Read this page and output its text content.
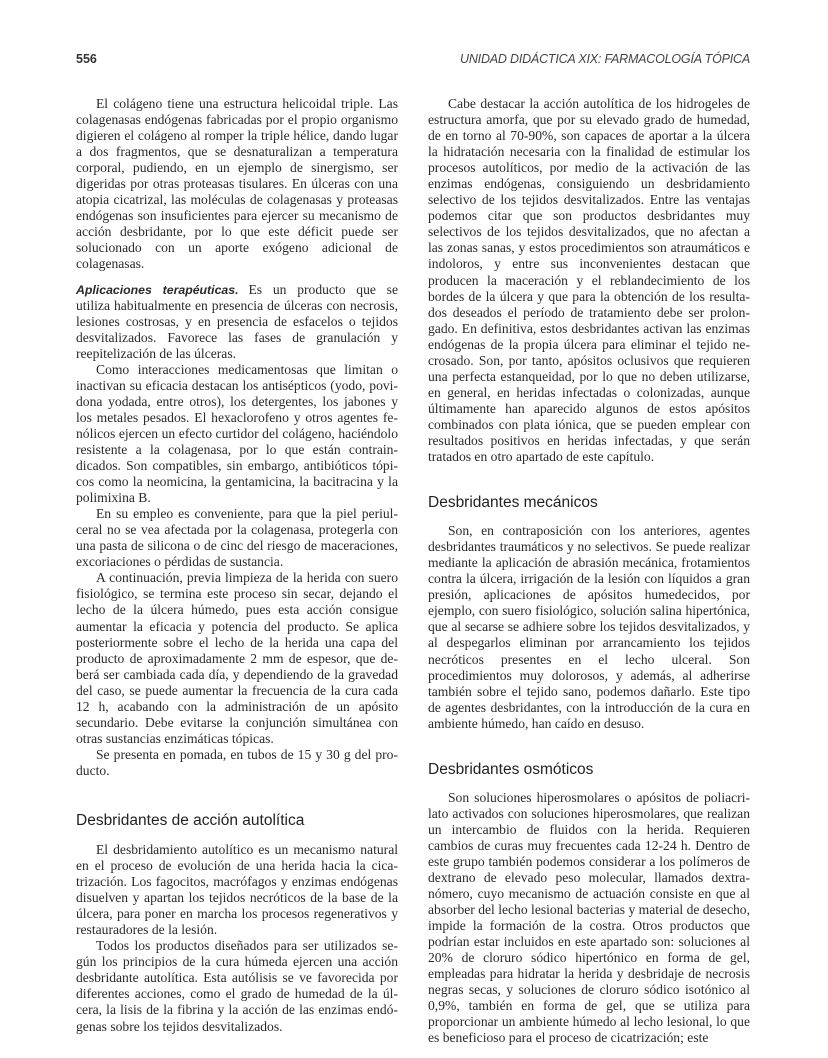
556	UNIDAD DIDÁCTICA XIX: FARMACOLOGÍA TÓPICA

El colágeno tiene una estructura helicoidal triple. Las colagenasas endógenas fabricadas por el propio organismo digieren el colágeno al romper la triple hélice, dando lugar a dos fragmentos, que se desnaturalizan a temperatura corporal, pudiendo, en un ejemplo de sinergismo, ser digeridas por otras proteasas tisulares. En úlceras con una atopia cicatrizal, las moléculas de colagenasas y proteasas endógenas son insuficientes para ejercer su mecanismo de acción desbridante, por lo que este déficit puede ser solucionado con un aporte exógeno adicional de colagenasas.

Aplicaciones terapéuticas. Es un producto que se utiliza habitualmente en presencia de úlceras con necrosis, lesiones costrosas, y en presencia de esfacelos o tejidos desvitalizados. Favorece las fases de granulación y reepitelización de las úlceras.

Como interacciones medicamentosas que limitan o inactivan su eficacia destacan los antisépticos (yodo, povidona yodada, entre otros), los detergentes, los jabones y los metales pesados. El hexaclorofeno y otros agentes fenólicos ejercen un efecto curtidor del colágeno, haciéndolo resistente a la colagenasa, por lo que están contraindicados. Son compatibles, sin embargo, antibióticos tópicos como la neomicina, la gentamicina, la bacitracina y la polimixina B.

En su empleo es conveniente, para que la piel periulceral no se vea afectada por la colagenasa, protegerla con una pasta de silicona o de cinc del riesgo de maceraciones, excoriaciones o pérdidas de sustancia.

A continuación, previa limpieza de la herida con suero fisiológico, se termina este proceso sin secar, dejando el lecho de la úlcera húmedo, pues esta acción consigue aumentar la eficacia y potencia del producto. Se aplica posteriormente sobre el lecho de la herida una capa del producto de aproximadamente 2 mm de espesor, que deberá ser cambiada cada día, y dependiendo de la gravedad del caso, se puede aumentar la frecuencia de la cura cada 12 h, acabando con la administración de un apósito secundario. Debe evitarse la conjunción simultánea con otras sustancias enzimáticas tópicas.

Se presenta en pomada, en tubos de 15 y 30 g del producto.

Desbridantes de acción autolítica

El desbridamiento autolítico es un mecanismo natural en el proceso de evolución de una herida hacia la cicatrización. Los fagocitos, macrófagos y enzimas endógenas disuelven y apartan los tejidos necróticos de la base de la úlcera, para poner en marcha los procesos regenerativos y restauradores de la lesión.

Todos los productos diseñados para ser utilizados según los principios de la cura húmeda ejercen una acción desbridante autolítica. Esta autólisis se ve favorecida por diferentes acciones, como el grado de humedad de la úlcera, la lisis de la fibrina y la acción de las enzimas endógenas sobre los tejidos desvitalizados.

Cabe destacar la acción autolítica de los hidrogeles de estructura amorfa, que por su elevado grado de humedad, de en torno al 70-90%, son capaces de aportar a la úlcera la hidratación necesaria con la finalidad de estimular los procesos autolíticos, por medio de la activación de las enzimas endógenas, consiguiendo un desbridamiento selectivo de los tejidos desvitalizados. Entre las ventajas podemos citar que son productos desbridantes muy selectivos de los tejidos desvitalizados, que no afectan a las zonas sanas, y estos procedimientos son atraumáticos e indoloros, y entre sus inconvenientes destacan que producen la maceración y el reblandecimiento de los bordes de la úlcera y que para la obtención de los resultados deseados el período de tratamiento debe ser prolongado. En definitiva, estos desbridantes activan las enzimas endógenas de la propia úlcera para eliminar el tejido necrosado. Son, por tanto, apósitos oclusivos que requieren una perfecta estanqueidad, por lo que no deben utilizarse, en general, en heridas infectadas o colonizadas, aunque últimamente han aparecido algunos de estos apósitos combinados con plata iónica, que se pueden emplear con resultados positivos en heridas infectadas, y que serán tratados en otro apartado de este capítulo.

Desbridantes mecánicos

Son, en contraposición con los anteriores, agentes desbridantes traumáticos y no selectivos. Se puede realizar mediante la aplicación de abrasión mecánica, frotamientos contra la úlcera, irrigación de la lesión con líquidos a gran presión, aplicaciones de apósitos humedecidos, por ejemplo, con suero fisiológico, solución salina hipertónica, que al secarse se adhiere sobre los tejidos desvitalizados, y al despegarlos eliminan por arrancamiento los tejidos necróticos presentes en el lecho ulceral. Son procedimientos muy dolorosos, y además, al adherirse también sobre el tejido sano, podemos dañarlo. Este tipo de agentes desbridantes, con la introducción de la cura en ambiente húmedo, han caído en desuso.

Desbridantes osmóticos

Son soluciones hiperosmolares o apósitos de poliacrilato activados con soluciones hiperosmolares, que realizan un intercambio de fluidos con la herida. Requieren cambios de curas muy frecuentes cada 12-24 h. Dentro de este grupo también podemos considerar a los polímeros de dextrano de elevado peso molecular, llamados dextranómero, cuyo mecanismo de actuación consiste en que al absorber del lecho lesional bacterias y material de desecho, impide la formación de la costra. Otros productos que podrían estar incluidos en este apartado son: soluciones al 20% de cloruro sódico hipertónico en forma de gel, empleadas para hidratar la herida y desbridaje de necrosis negras secas, y soluciones de cloruro sódico isotónico al 0,9%, también en forma de gel, que se utiliza para proporcionar un ambiente húmedo al lecho lesional, lo que es beneficioso para el proceso de cicatrización; este
